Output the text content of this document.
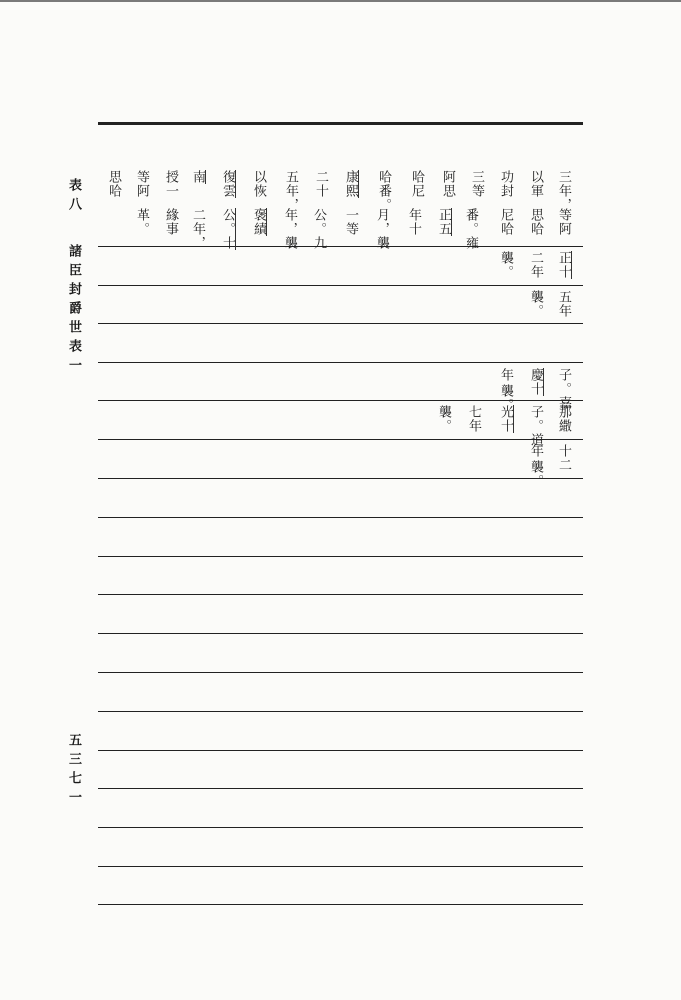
表八
諸臣封爵世表一
五三七一
三年，
以軍
功封
三等
阿思
哈尼
哈番。
康熙
二十
五年，
以恢
復雲
南
授一
等阿
思哈
等阿
思哈
尼哈
番。雍
正五
年十
月，襲
一等
公。九
年，襲
褒績
公。十
二年，
緣事
革。
正十
二年
襲。
五年
襲。
子。嘉
慶十
年
襲。
那繖
子。道
光十
七年
襲。
十二
年
襲。
